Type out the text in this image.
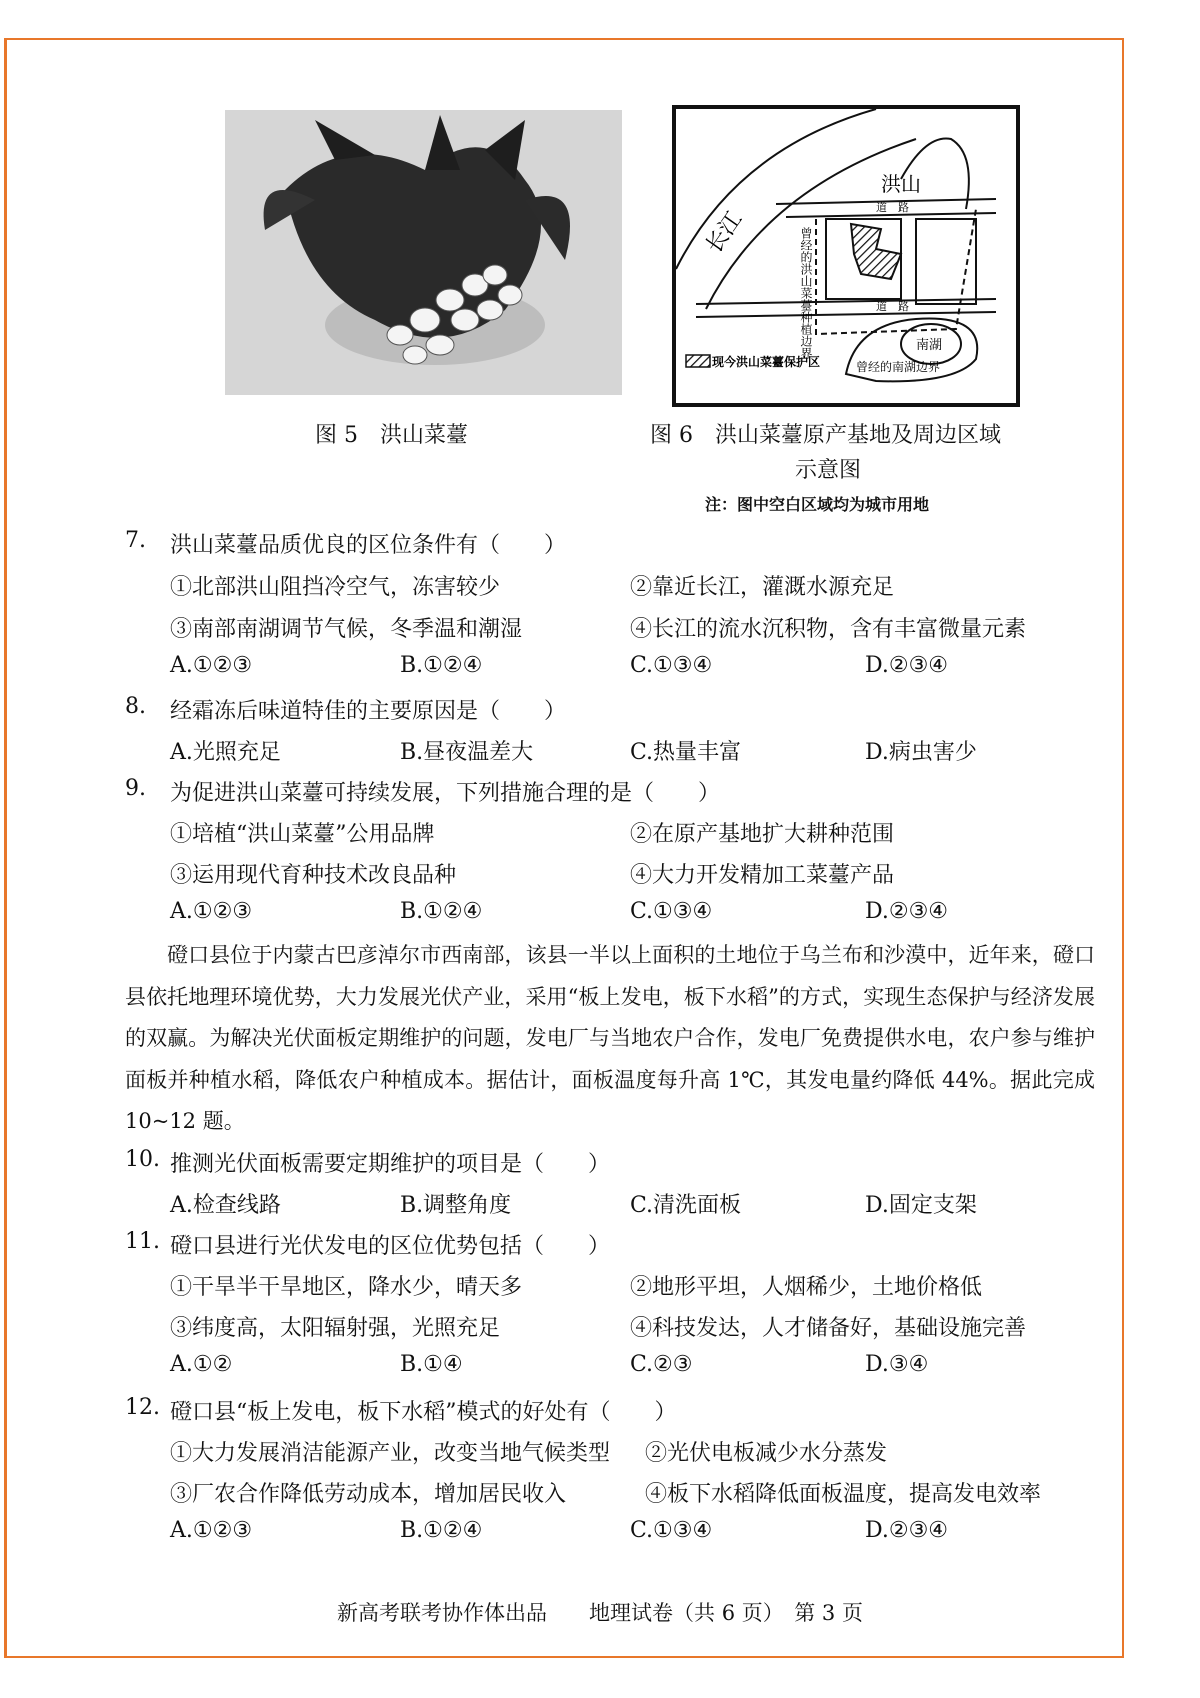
长江
洪山
道　路
道　路
曾经的洪山菜薹种植边界	南湖
曾经的南湖边界
现今洪山菜薹保护区
图 5　洪山菜薹	图 6　洪山菜薹原产基地及周边区域
示意图
注：图中空白区域均为城市用地
7. 洪山菜薹品质优良的区位条件有（　　）
①北部洪山阻挡冷空气，冻害较少	②靠近长江，灌溉水源充足
③南部南湖调节气候，冬季温和潮湿	④长江的流水沉积物，含有丰富微量元素
A.①②③	B.①②④	C.①③④	D.②③④
8. 经霜冻后味道特佳的主要原因是（　　）
A.光照充足	B.昼夜温差大	C.热量丰富	D.病虫害少
9. 为促进洪山菜薹可持续发展，下列措施合理的是（　　）
①培植“洪山菜薹”公用品牌	②在原产基地扩大耕种范围
③运用现代育种技术改良品种	④大力开发精加工菜薹产品
A.①②③	B.①②④	C.①③④	D.②③④
磴口县位于内蒙古巴彦淖尔市西南部，该县一半以上面积的土地位于乌兰布和沙漠中，近年来，磴口县依托地理环境优势，大力发展光伏产业，采用“板上发电，板下水稻”的方式，实现生态保护与经济发展的双赢。为解决光伏面板定期维护的问题，发电厂与当地农户合作，发电厂免费提供水电，农户参与维护面板并种植水稻，降低农户种植成本。据估计，面板温度每升高 1℃，其发电量约降低 44%。据此完成 10~12 题。
10. 推测光伏面板需要定期维护的项目是（　　）
A.检查线路	B.调整角度	C.清洗面板	D.固定支架
11. 磴口县进行光伏发电的区位优势包括（　　）
①干旱半干旱地区，降水少，晴天多	②地形平坦，人烟稀少，土地价格低
③纬度高，太阳辐射强，光照充足	④科技发达，人才储备好，基础设施完善
A.①②	B.①④	C.②③	D.③④
12. 磴口县“板上发电，板下水稻”模式的好处有（　　）
①大力发展消洁能源产业，改变当地气候类型 ②光伏电板减少水分蒸发
③厂农合作降低劳动成本，增加居民收入	④板下水稻降低面板温度，提高发电效率
A.①②③	B.①②④	C.①③④	D.②③④
新高考联考协作体出品　　地理试卷（共 6 页）　第 3 页
